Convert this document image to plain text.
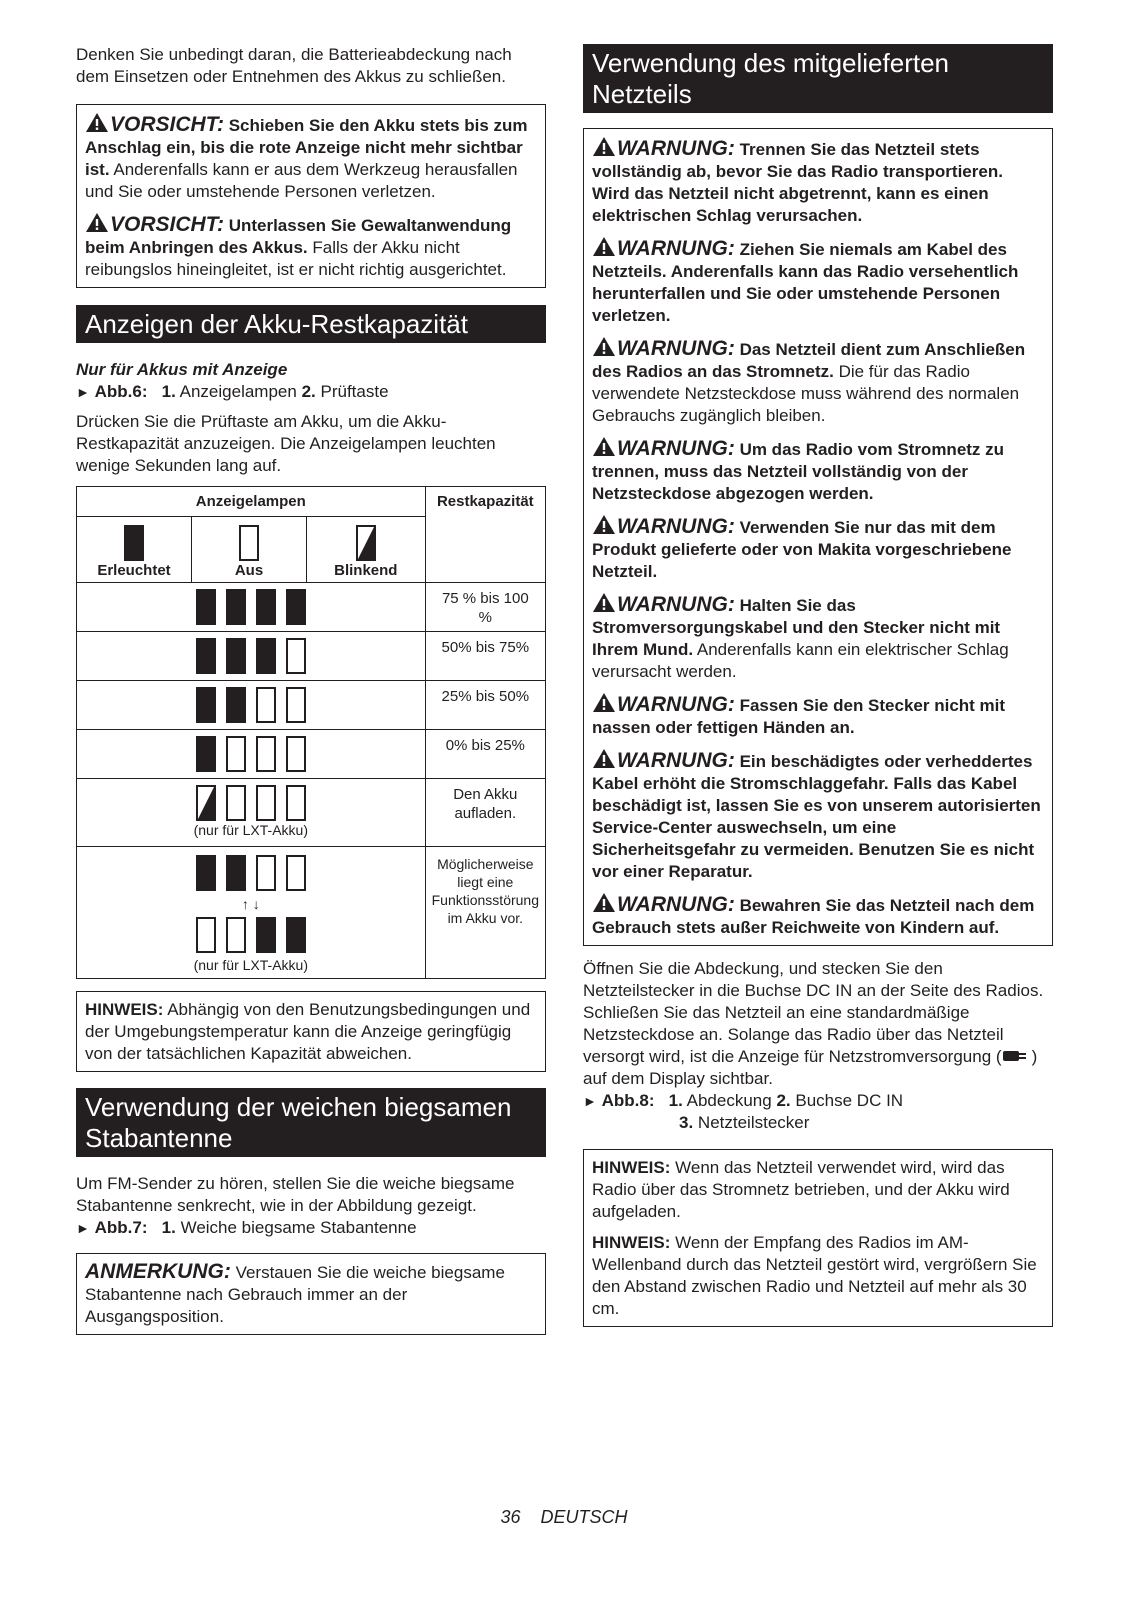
Denken Sie unbedingt daran, die Batterieabdeckung nach dem Einsetzen oder Entnehmen des Akkus zu schließen.

VORSICHT: Schieben Sie den Akku stets bis zum Anschlag ein, bis die rote Anzeige nicht mehr sichtbar ist. Anderenfalls kann er aus dem Werkzeug herausfallen und Sie oder umstehende Personen verletzen.
VORSICHT: Unterlassen Sie Gewaltanwendung beim Anbringen des Akkus. Falls der Akku nicht reibungslos hineingleitet, ist er nicht richtig ausgerichtet.
Anzeigen der Akku-Restkapazität

Nur für Akkus mit Anzeige

► Abb.6: 1. Anzeigelampen 2. Prüftaste

Drücken Sie die Prüftaste am Akku, um die Akku-Restkapazität anzuzeigen. Die Anzeigelampen leuchten wenige Sekunden lang auf.

Anzeigelampen			Restkapazität

Erleuchtet	Aus	Blinkend	

			75 % bis 100 %

			50% bis 75%

			25% bis 50%

			0% bis 25%

(nur für LXT-Akku)			Den Akku aufladen.

↑ ↓
(nur für LXT-Akku)			Möglicherweise liegt eine Funktionsstörung im Akku vor.
HINWEIS: Abhängig von den Benutzungsbedingungen und der Umgebungstemperatur kann die Anzeige geringfügig von der tatsächlichen Kapazität abweichen.
Verwendung der weichen biegsamen Stabantenne

Um FM-Sender zu hören, stellen Sie die weiche biegsame Stabantenne senkrecht, wie in der Abbildung gezeigt.

► Abb.7: 1. Weiche biegsame Stabantenne

ANMERKUNG: Verstauen Sie die weiche biegsame Stabantenne nach Gebrauch immer an der Ausgangsposition.
Verwendung des mitgelieferten Netzteils
WARNUNG: Trennen Sie das Netzteil stets vollständig ab, bevor Sie das Radio transportieren. Wird das Netzteil nicht abgetrennt, kann es einen elektrischen Schlag verursachen.
WARNUNG: Ziehen Sie niemals am Kabel des Netzteils. Anderenfalls kann das Radio versehentlich herunterfallen und Sie oder umstehende Personen verletzen.
WARNUNG: Das Netzteil dient zum Anschließen des Radios an das Stromnetz. Die für das Radio verwendete Netzsteckdose muss während des normalen Gebrauchs zugänglich bleiben.
WARNUNG: Um das Radio vom Stromnetz zu trennen, muss das Netzteil vollständig von der Netzsteckdose abgezogen werden.
WARNUNG: Verwenden Sie nur das mit dem Produkt gelieferte oder von Makita vorgeschriebene Netzteil.
WARNUNG: Halten Sie das Stromversorgungskabel und den Stecker nicht mit Ihrem Mund. Anderenfalls kann ein elektrischer Schlag verursacht werden.
WARNUNG: Fassen Sie den Stecker nicht mit nassen oder fettigen Händen an.
WARNUNG: Ein beschädigtes oder verheddertes Kabel erhöht die Stromschlaggefahr. Falls das Kabel beschädigt ist, lassen Sie es von unserem autorisierten Service-Center auswechseln, um eine Sicherheitsgefahr zu vermeiden. Benutzen Sie es nicht vor einer Reparatur.
WARNUNG: Bewahren Sie das Netzteil nach dem Gebrauch stets außer Reichweite von Kindern auf.

Öffnen Sie die Abdeckung, und stecken Sie den Netzteilstecker in die Buchse DC IN an der Seite des Radios. Schließen Sie das Netzteil an eine standardmäßige Netzsteckdose an. Solange das Radio über das Netzteil versorgt wird, ist die Anzeige für Netzstromversorgung ( ) auf dem Display sichtbar.

► Abb.8: 1. Abdeckung 2. Buchse DC IN
3. Netzteilstecker
HINWEIS: Wenn das Netzteil verwendet wird, wird das Radio über das Stromnetz betrieben, und der Akku wird aufgeladen.
HINWEIS: Wenn der Empfang des Radios im AM-Wellenband durch das Netzteil gestört wird, vergrößern Sie den Abstand zwischen Radio und Netzteil auf mehr als 30 cm.
36 DEUTSCH
